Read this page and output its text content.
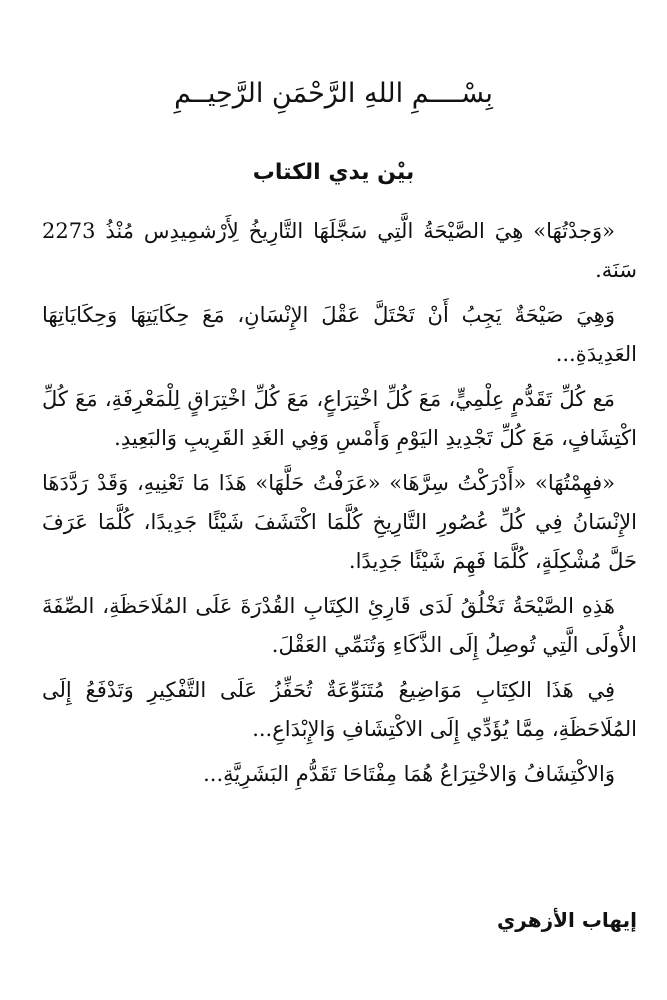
بِسْــــمِ اللهِ الرَّحْمَنِ الرَّحِيــمِ
بيْن يدي الكتاب

«وَجدْتُهَا» هِيَ الصَّيْحَةُ الَّتِي سَجَّلَهَا التَّارِيخُ لِأَرْشمِيدِس مُنْذُ 2273 سَنَة.

وَهِيَ صَيْحَةٌ يَجِبُ أَنْ تَحْتَلَّ عَقْلَ الإِنْسَانِ، مَعَ حِكَايَتِهَا وَحِكَايَاتِهَا العَدِيدَةِ...

مَع كُلِّ تَقَدُّمٍ عِلْمِيٍّ، مَعَ كُلِّ اخْتِرَاعٍ، مَعَ كُلِّ اخْتِرَاقٍ لِلْمَعْرِفَةِ، مَعَ كُلِّ اكْتِشَافٍ، مَعَ كُلِّ تَجْدِيدِ اليَوْمِ وَأَمْسِ وَفِي الغَدِ القَرِيبِ وَالبَعِيدِ.

«فهِمْتُهَا» «أَدْرَكْتُ سِرَّهَا» «عَرَفْتُ حَلَّهَا» هَذَا مَا تَعْنِيهِ، وَقَدْ رَدَّدَهَا الإِنْسَانُ فِي كُلِّ عُصُورِ التَّارِيخِ كُلَّمَا اكْتَشَفَ شَيْئًا جَدِيدًا، كُلَّمَا عَرَفَ حَلَّ مُشْكِلَةٍ، كُلَّمَا فَهِمَ شَيْئًا جَدِيدًا.

هَذِهِ الصَّيْحَةُ تَخْلُقُ لَدَى قَارِئِ الكِتَابِ القُدْرَةَ عَلَى المُلَاحَظَةِ، الصِّفَةَ الأُولَى الَّتِي تُوصِلُ إِلَى الذَّكَاءِ وَتُنَمِّي العَقْلَ.

فِي هَذَا الكِتَابِ مَوَاضِيعُ مُتَنَوِّعَةٌ تُحَفِّزُ عَلَى التَّفْكِيرِ وَتَدْفَعُ إِلَى المُلَاحَظَةِ، مِمَّا يُؤَدِّي إِلَى الاكْتِشَافِ وَالإِبْدَاعِ...

وَالاكْتِشَافُ وَالاخْتِرَاعُ هُمَا مِفْتَاحَا تَقَدُّمِ البَشَرِيَّةِ...

إيهاب الأزهري
